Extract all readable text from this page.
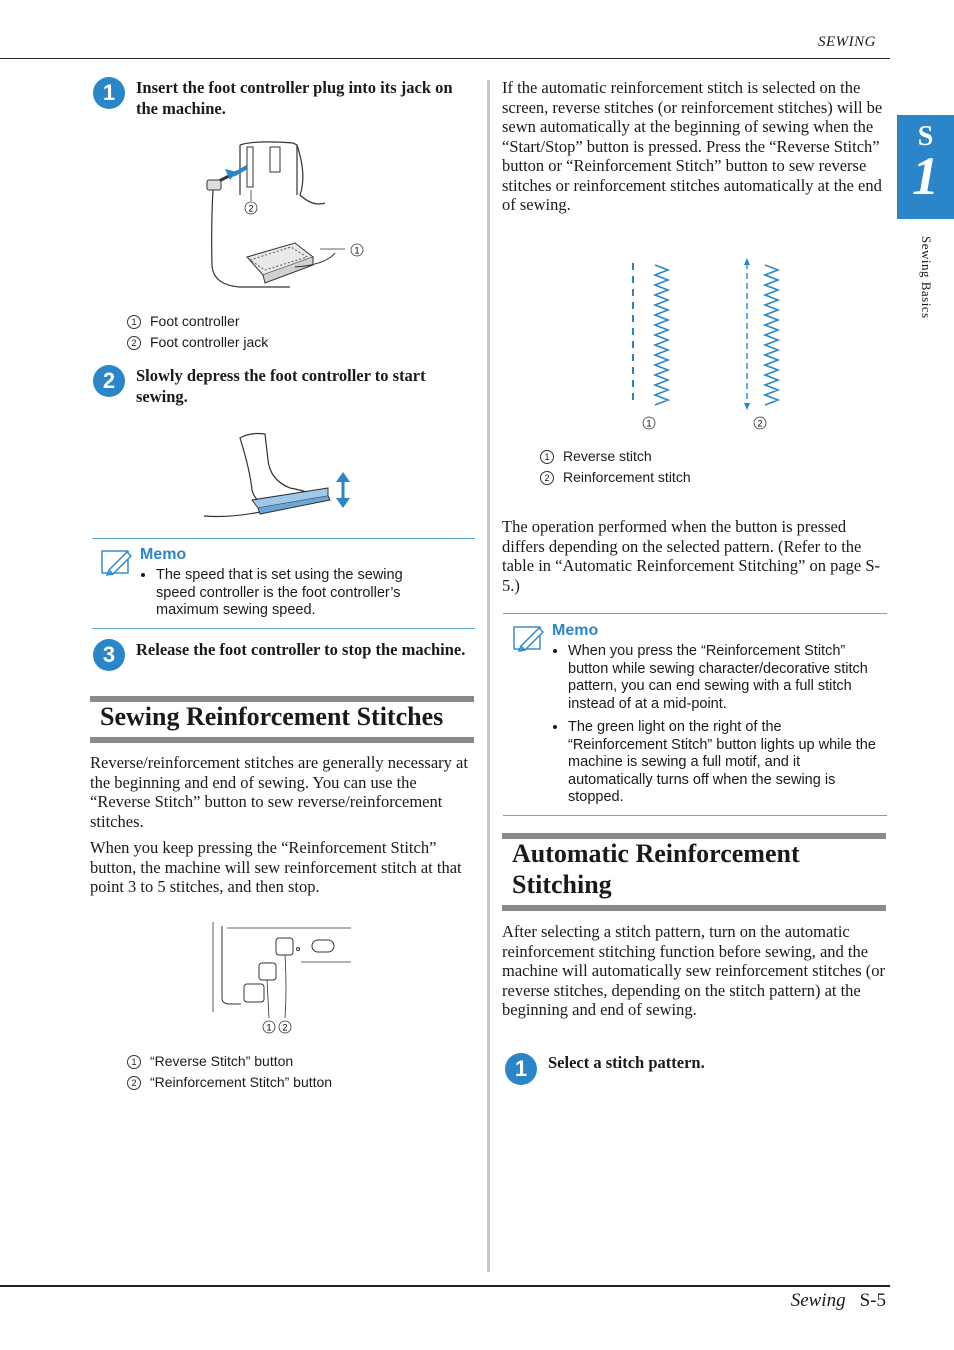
SEWING
Sewing S-5
S
1
Sewing Basics
1	Insert the foot controller plug into its jack on the machine.
1
2
1 Foot controller
2 Foot controller jack
2	Slowly depress the foot controller to start sewing.
Memo
• The speed that is set using the sewing speed controller is the foot controller’s maximum sewing speed.
3	Release the foot controller to stop the machine.
Sewing Reinforcement Stitches
Reverse/reinforcement stitches are generally necessary at the beginning and end of sewing. You can use the “Reverse Stitch” button to sew reverse/reinforcement stitches.
When you keep pressing the “Reinforcement Stitch” button, the machine will sew reinforcement stitch at that point 3 to 5 stitches, and then stop.
1 2
1 “Reverse Stitch” button
2 “Reinforcement Stitch” button
If the automatic reinforcement stitch is selected on the screen, reverse stitches (or reinforcement stitches) will be sewn automatically at the beginning of sewing when the “Start/Stop” button is pressed. Press the “Reverse Stitch” button or “Reinforcement Stitch” button to sew reverse stitches or reinforcement stitches automatically at the end of sewing.
1	2
1 Reverse stitch
2 Reinforcement stitch
The operation performed when the button is pressed differs depending on the selected pattern. (Refer to the table in “Automatic Reinforcement Stitching” on page S-5.)
Memo
• When you press the “Reinforcement Stitch” button while sewing character/decorative stitch pattern, you can end sewing with a full stitch instead of at a mid-point.
• The green light on the right of the “Reinforcement Stitch” button lights up while the machine is sewing a full motif, and it automatically turns off when the sewing is stopped.
Automatic Reinforcement Stitching
After selecting a stitch pattern, turn on the automatic reinforcement stitching function before sewing, and the machine will automatically sew reinforcement stitches (or reverse stitches, depending on the stitch pattern) at the beginning and end of sewing.
1	Select a stitch pattern.
